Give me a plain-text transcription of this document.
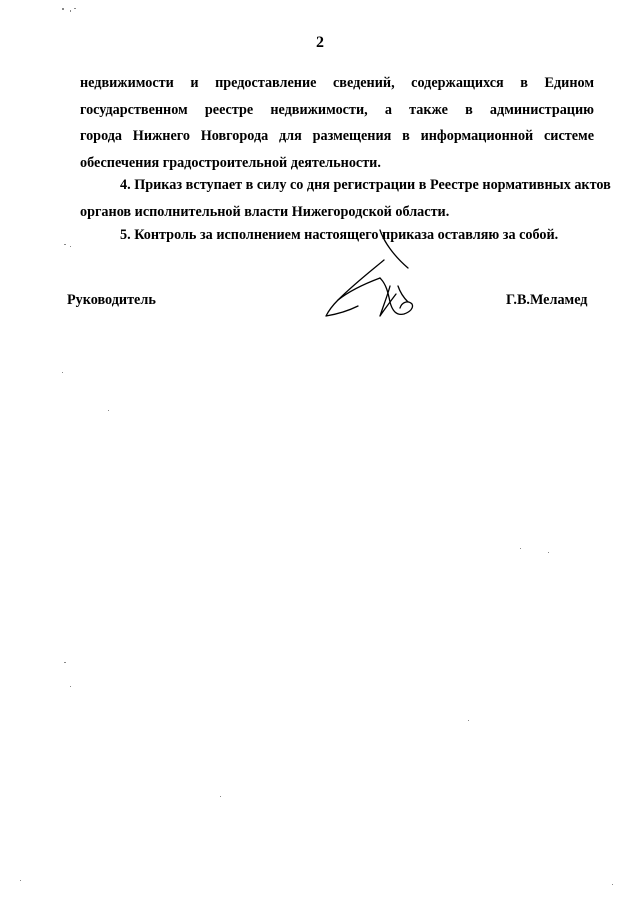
2

недвижимости и предоставление сведений, содержащихся в Едином
государственном реестре недвижимости, а также в администрацию
города Нижнего Новгорода для размещения в информационной системе
обеспечения градостроительной деятельности.

4. Приказ вступает в силу со дня регистрации в Реестре нормативных актов
органов исполнительной власти Нижегородской области.

5. Контроль за исполнением настоящего приказа оставляю за собой.

Руководитель	Г.В.Меламед
